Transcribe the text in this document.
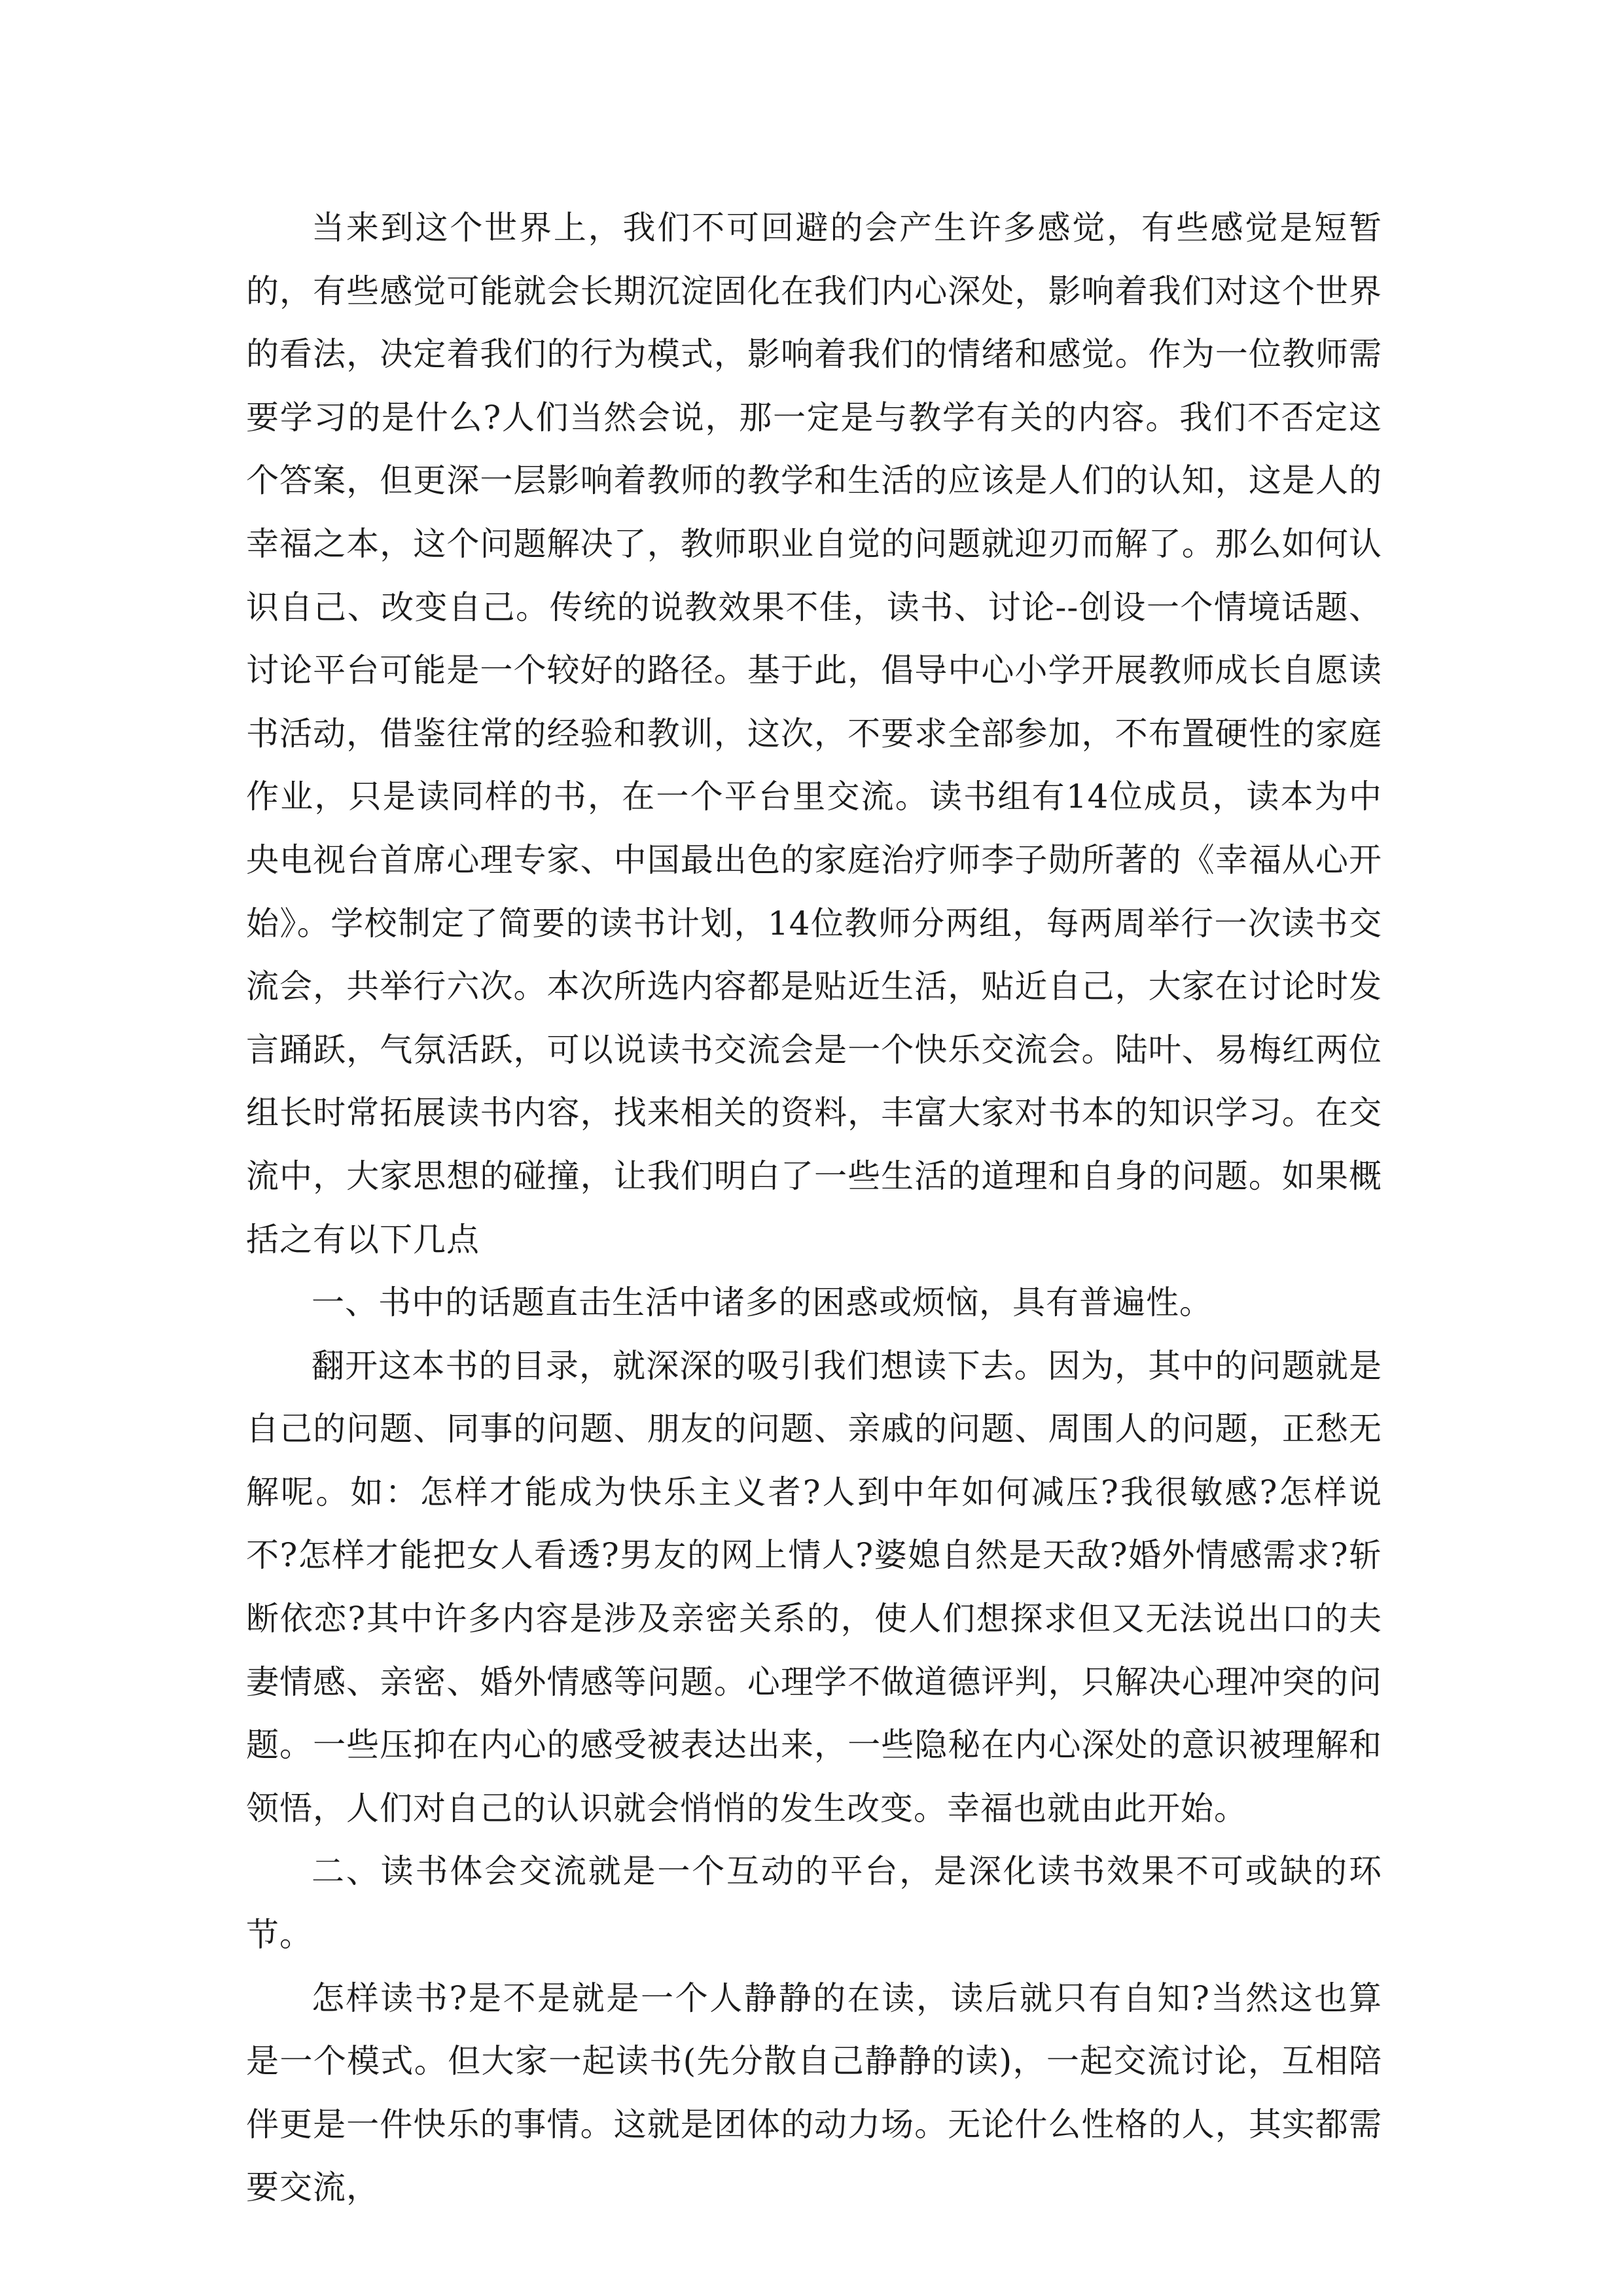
当来到这个世界上，我们不可回避的会产生许多感觉，有些感觉是短暂的，有些感觉可能就会长期沉淀固化在我们内心深处，影响着我们对这个世界的看法，决定着我们的行为模式，影响着我们的情绪和感觉。作为一位教师需要学习的是什么?人们当然会说，那一定是与教学有关的内容。我们不否定这个答案，但更深一层影响着教师的教学和生活的应该是人们的认知，这是人的幸福之本，这个问题解决了，教师职业自觉的问题就迎刃而解了。那么如何认识自己、改变自己。传统的说教效果不佳，读书、讨论--创设一个情境话题、讨论平台可能是一个较好的路径。基于此，倡导中心小学开展教师成长自愿读书活动，借鉴往常的经验和教训，这次，不要求全部参加，不布置硬性的家庭作业，只是读同样的书，在一个平台里交流。读书组有14位成员，读本为中央电视台首席心理专家、中国最出色的家庭治疗师李子勋所著的《幸福从心开始》。学校制定了简要的读书计划，14位教师分两组，每两周举行一次读书交流会，共举行六次。本次所选内容都是贴近生活，贴近自己，大家在讨论时发言踊跃，气氛活跃，可以说读书交流会是一个快乐交流会。陆叶、易梅红两位组长时常拓展读书内容，找来相关的资料，丰富大家对书本的知识学习。在交流中，大家思想的碰撞，让我们明白了一些生活的道理和自身的问题。如果概括之有以下几点

一、书中的话题直击生活中诸多的困惑或烦恼，具有普遍性。

翻开这本书的目录，就深深的吸引我们想读下去。因为，其中的问题就是自己的问题、同事的问题、朋友的问题、亲戚的问题、周围人的问题，正愁无解呢。如：怎样才能成为快乐主义者?人到中年如何减压?我很敏感?怎样说不?怎样才能把女人看透?男友的网上情人?婆媳自然是天敌?婚外情感需求?斩断依恋?其中许多内容是涉及亲密关系的，使人们想探求但又无法说出口的夫妻情感、亲密、婚外情感等问题。心理学不做道德评判，只解决心理冲突的问题。一些压抑在内心的感受被表达出来，一些隐秘在内心深处的意识被理解和领悟，人们对自己的认识就会悄悄的发生改变。幸福也就由此开始。

二、读书体会交流就是一个互动的平台，是深化读书效果不可或缺的环节。

怎样读书?是不是就是一个人静静的在读，读后就只有自知?当然这也算是一个模式。但大家一起读书(先分散自己静静的读)，一起交流讨论，互相陪伴更是一件快乐的事情。这就是团体的动力场。无论什么性格的人，其实都需要交流，
